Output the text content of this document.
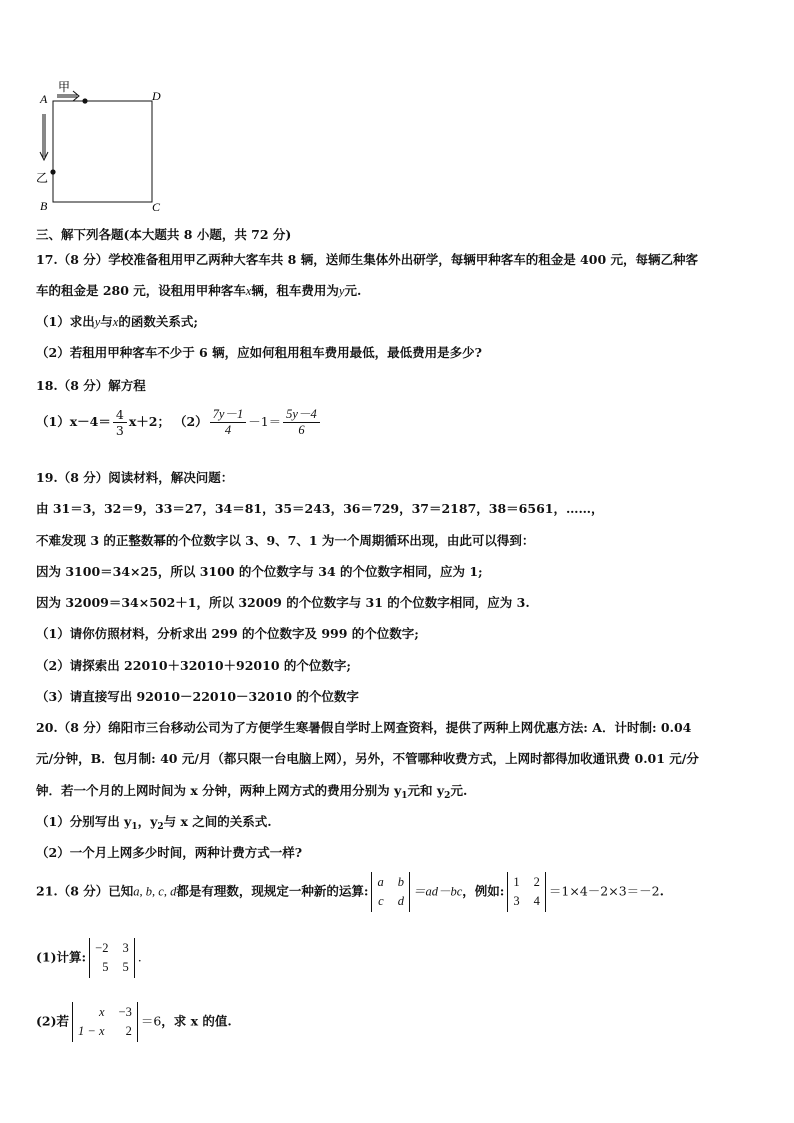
A
甲
D
乙
B	C
三、解下列各题(本大题共 8 小题，共 72 分)
17.（8 分）学校准备租用甲乙两种大客车共 8 辆，送师生集体外出研学，每辆甲种客车的租金是 400 元，每辆乙种客
车的租金是 280 元，设租用甲种客车x辆，租车费用为y元.
（1）求出y与x的函数关系式;
（2）若租用甲种客车不少于 6 辆，应如何租用租车费用最低，最低费用是多少?
18.（8 分）解方程
$(1)x-4= \frac{4}{3} x+2$； $(2) \frac{7y-1}{4} -1= \frac{5y-4}{6}$
19.（8 分）阅读材料，解决问题：
由 31＝3，32＝9，33＝27，34＝81，35＝243，36＝729，37＝2187，38＝6561，……，
不难发现 3 的正整数幂的个位数字以 3、9、7、1 为一个周期循环出现，由此可以得到：
因为 3100＝34×25，所以 3100 的个位数字与 34 的个位数字相同，应为 1;
因为 32009＝34×502＋1，所以 32009 的个位数字与 31 的个位数字相同，应为 3.
（1）请你仿照材料，分析求出 299 的个位数字及 999 的个位数字;
（2）请探索出 22010＋32010＋92010 的个位数字;
（3）请直接写出 92010－22010－32010 的个位数字
20.（8 分）绵阳市三台移动公司为了方便学生寒暑假自学时上网查资料，提供了两种上网优惠方法: A．计时制: 0.04
元/分钟，B．包月制: 40 元/月（都只限一台电脑上网），另外，不管哪种收费方式，上网时都得加收通讯费 0.01 元/分
钟．若一个月的上网时间为 x 分钟，两种上网方式的费用分别为 $y_1$元和 $y_2$元.
（1）分别写出 $y_1$，$y_2$与 x 之间的关系式.
（2）一个月上网多少时间，两种计费方式一样?
21.（8 分）已知a, b, c, d都是有理数，现规定一种新的运算:
a b
c d
＝ad－bc，例如:
1 2
3 4
＝1×4－2×3＝－2.
(1)计算:
−2 3
5 5
.
(2)若
x −3
1 − x	2
＝6，求 x 的值.
